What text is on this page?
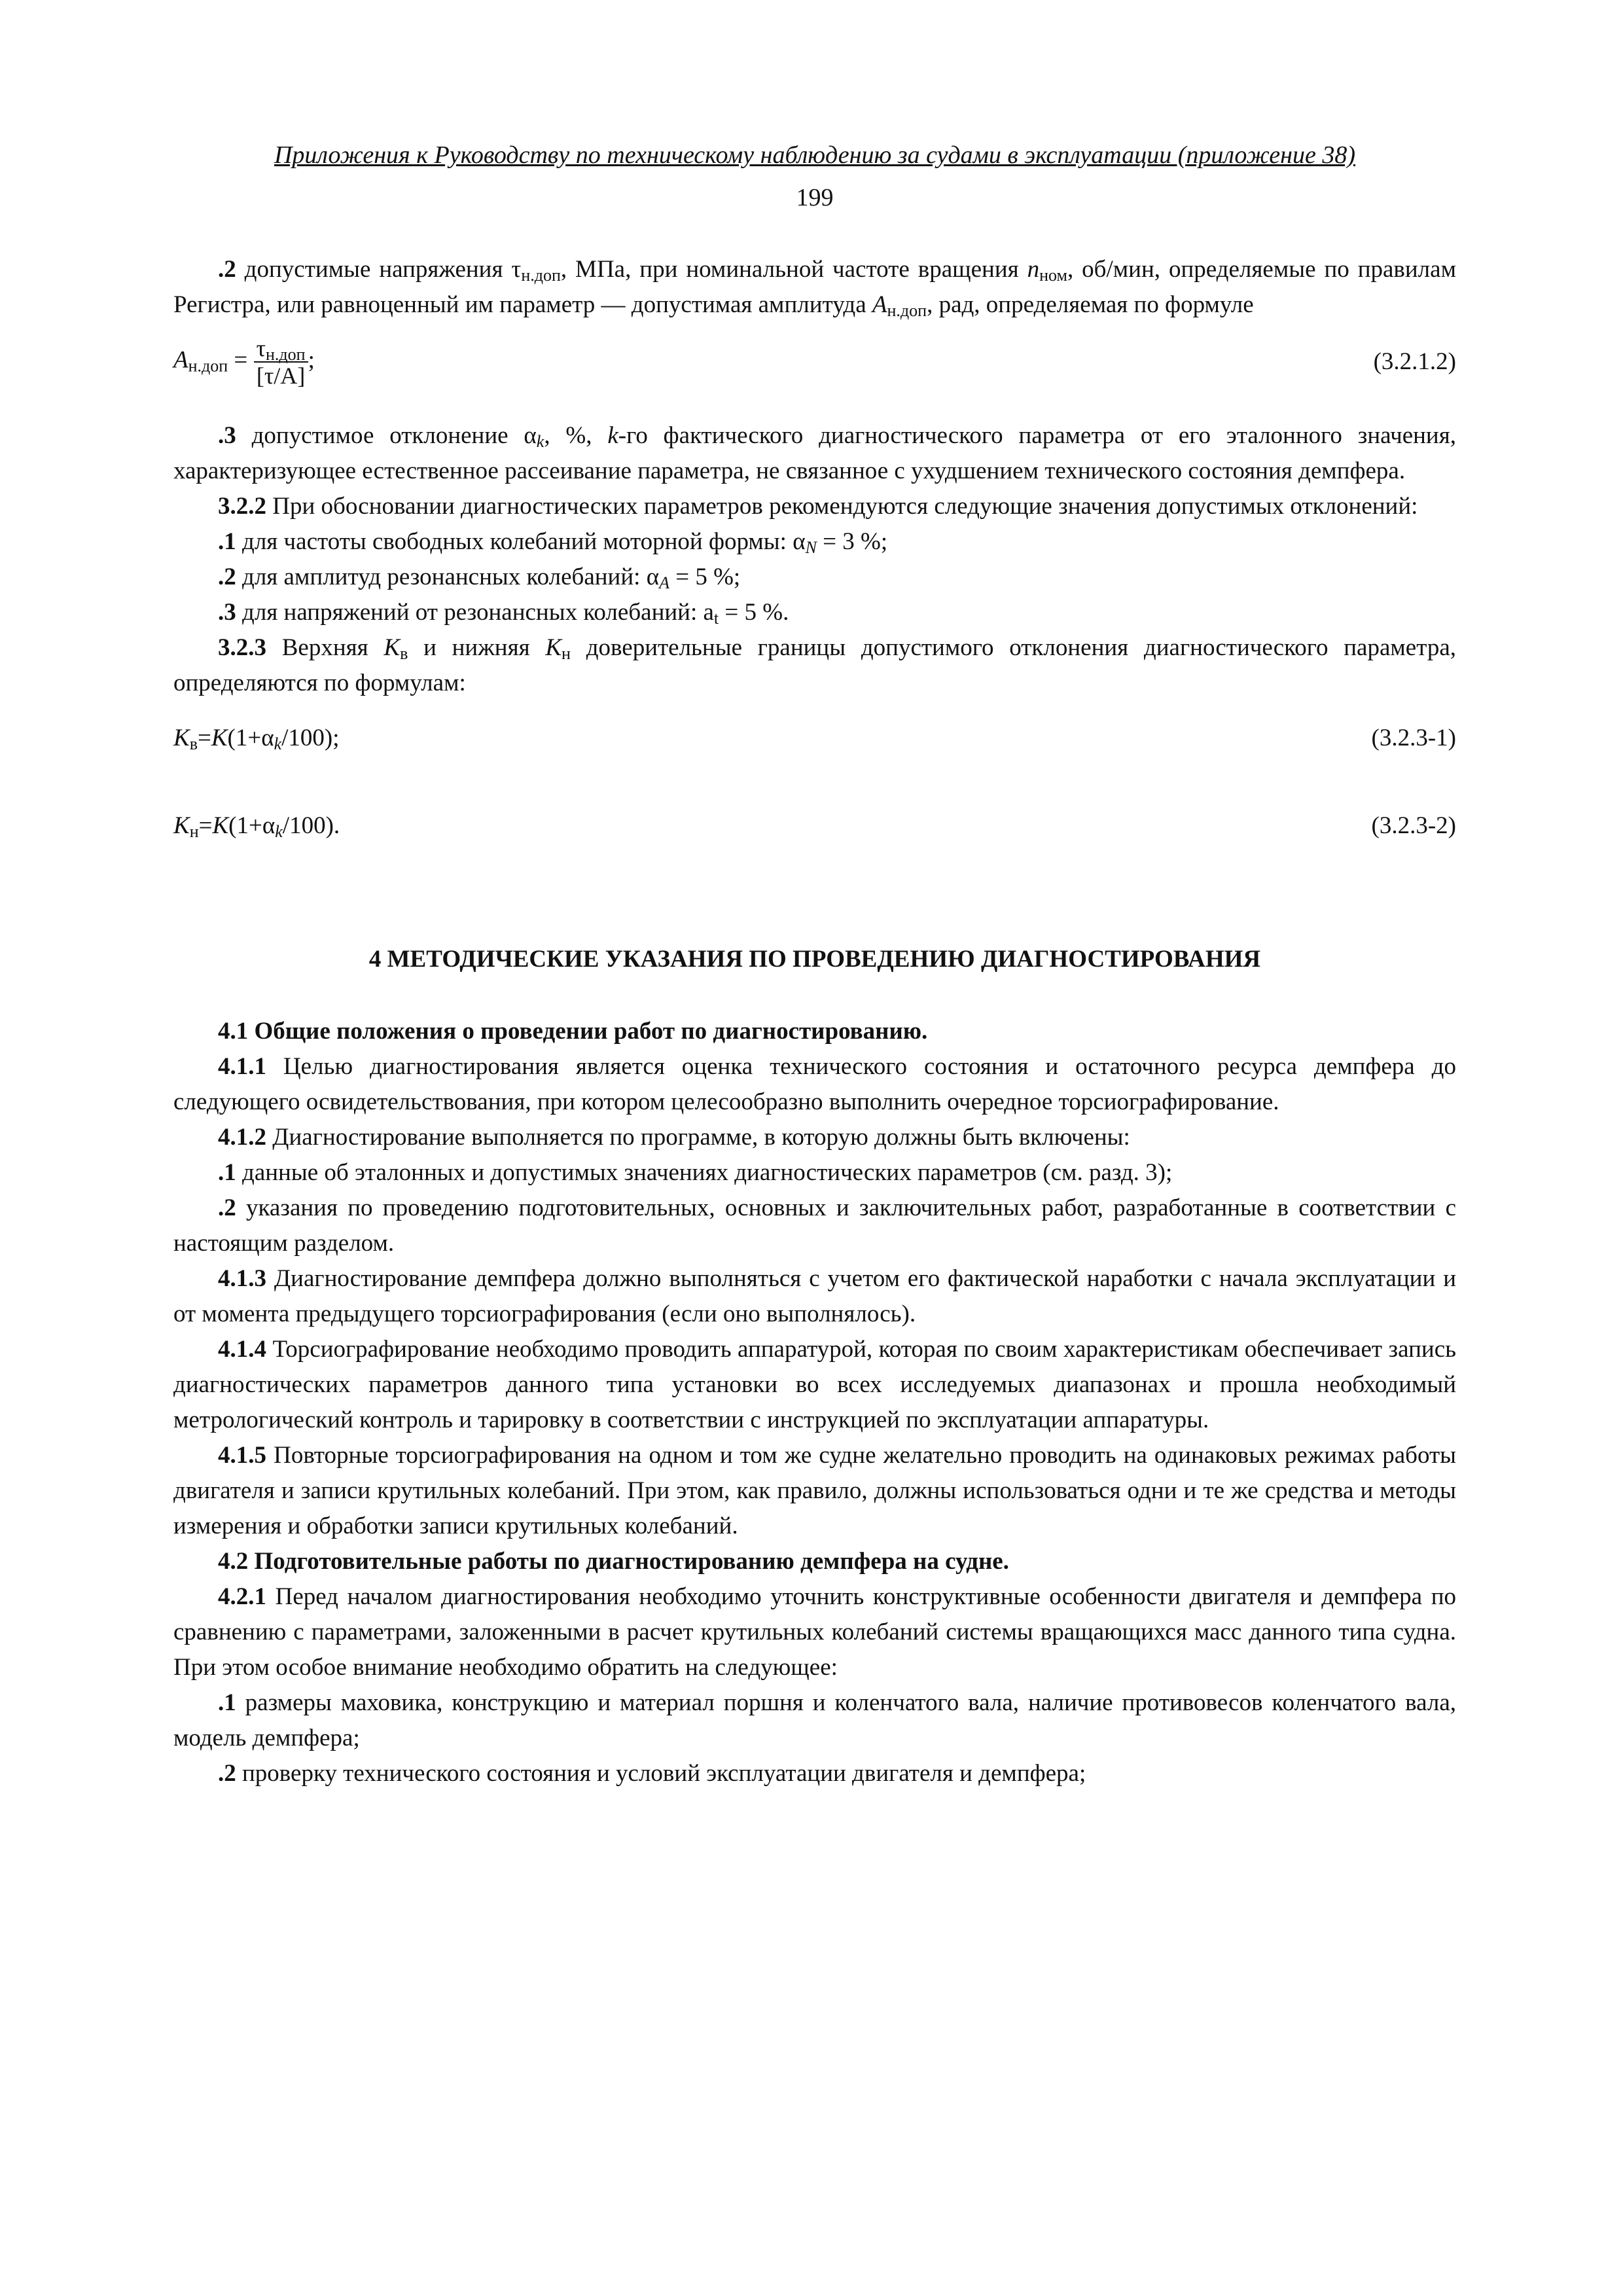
Приложения к Руководству по техническому наблюдению за судами в эксплуатации (приложение 38)
199

.2 допустимые напряжения $\tau_{н.доп}$, МПа, при номинальной частоте вращения $n_{ном}$, об/мин, определяемые по правилам Регистра, или равноценный им параметр — допустимая амплитуда $A_{н.доп}$, рад, определяемая по формуле

$A_{н.доп} = \frac{\tau_{н.доп}}{[\tau/A]}$ ;	(3.2.1.2)

.3 допустимое отклонение $\alpha_k$, %, k-го фактического диагностического параметра от его эталонного значения, характеризующее естественное рассеивание параметра, не связанное с ухудшением технического состояния демпфера.

3.2.2 При обосновании диагностических параметров рекомендуются следующие значения допустимых отклонений:

.1 для частоты свободных колебаний моторной формы: $\alpha_N = 3$ %;

.2 для амплитуд резонансных колебаний: $\alpha_A = 5$ %;

.3 для напряжений от резонансных колебаний: $a_t = 5$ %.

3.2.3 Верхняя $K_в$ и нижняя $K_н$ доверительные границы допустимого отклонения диагностического параметра, определяются по формулам:

$K_в=K(1+\alpha_k/100)$;	(3.2.3-1)
$K_н=K(1+\alpha_k/100)$.	(3.2.3-2)
4 МЕТОДИЧЕСКИЕ УКАЗАНИЯ ПО ПРОВЕДЕНИЮ ДИАГНОСТИРОВАНИЯ

4.1 Общие положения о проведении работ по диагностированию.

4.1.1 Целью диагностирования является оценка технического состояния и остаточного ресурса демпфера до следующего освидетельствования, при котором целесообразно выполнить очередное торсиографирование.

4.1.2 Диагностирование выполняется по программе, в которую должны быть включены:

.1 данные об эталонных и допустимых значениях диагностических параметров (см. разд. 3);

.2 указания по проведению подготовительных, основных и заключительных работ, разработанные в соответствии с настоящим разделом.

4.1.3 Диагностирование демпфера должно выполняться с учетом его фактической наработки с начала эксплуатации и от момента предыдущего торсиографирования (если оно выполнялось).

4.1.4 Торсиографирование необходимо проводить аппаратурой, которая по своим характеристикам обеспечивает запись диагностических параметров данного типа установки во всех исследуемых диапазонах и прошла необходимый метрологический контроль и тарировку в соответствии с инструкцией по эксплуатации аппаратуры.

4.1.5 Повторные торсиографирования на одном и том же судне желательно проводить на одинаковых режимах работы двигателя и записи крутильных колебаний. При этом, как правило, должны использоваться одни и те же средства и методы измерения и обработки записи крутильных колебаний.

4.2 Подготовительные работы по диагностированию демпфера на судне.

4.2.1 Перед началом диагностирования необходимо уточнить конструктивные особенности двигателя и демпфера по сравнению с параметрами, заложенными в расчет крутильных колебаний системы вращающихся масс данного типа судна. При этом особое внимание необходимо обратить на следующее:

.1 размеры маховика, конструкцию и материал поршня и коленчатого вала, наличие противовесов коленчатого вала, модель демпфера;

.2 проверку технического состояния и условий эксплуатации двигателя и демпфера;
